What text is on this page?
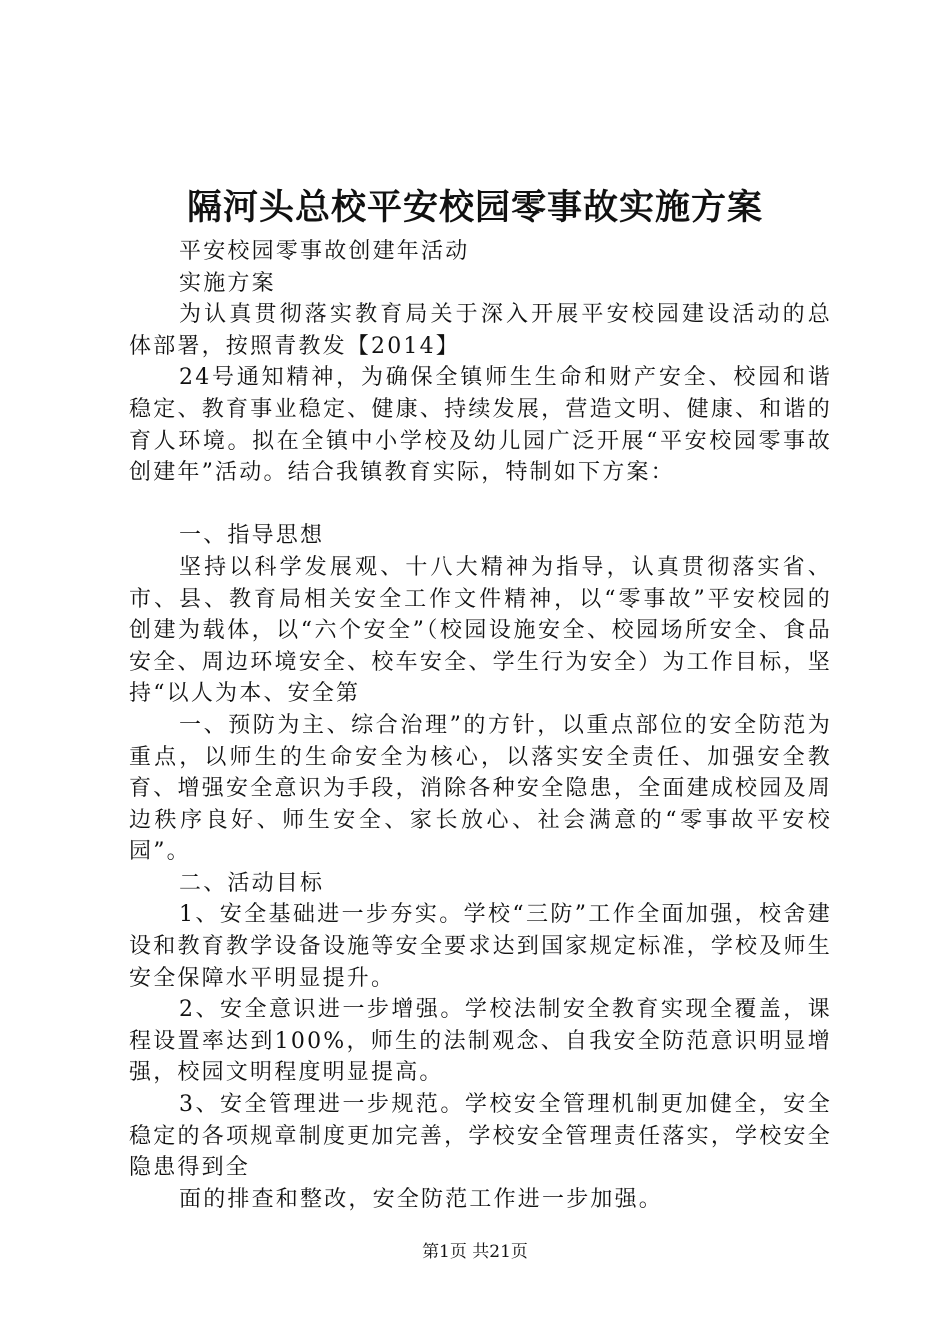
隔河头总校平安校园零事故实施方案

平安校园零事故创建年活动

实施方案

为认真贯彻落实教育局关于深入开展平安校园建设活动的总体部署，按照青教发【2014】

24号通知精神，为确保全镇师生生命和财产安全、校园和谐稳定、教育事业稳定、健康、持续发展，营造文明、健康、和谐的育人环境。拟在全镇中小学校及幼儿园广泛开展“平安校园零事故创建年”活动。结合我镇教育实际，特制如下方案：

一、指导思想

坚持以科学发展观、十八大精神为指导，认真贯彻落实省、市、县、教育局相关安全工作文件精神，以“零事故”平安校园的创建为载体，以“六个安全”（校园设施安全、校园场所安全、食品安全、周边环境安全、校车安全、学生行为安全）为工作目标，坚持“以人为本、安全第

一、预防为主、综合治理”的方针，以重点部位的安全防范为重点，以师生的生命安全为核心，以落实安全责任、加强安全教育、增强安全意识为手段，消除各种安全隐患，全面建成校园及周边秩序良好、师生安全、家长放心、社会满意的“零事故平安校园”。

二、活动目标

1、安全基础进一步夯实。学校“三防”工作全面加强，校舍建设和教育教学设备设施等安全要求达到国家规定标准，学校及师生安全保障水平明显提升。

2、安全意识进一步增强。学校法制安全教育实现全覆盖，课程设置率达到100%，师生的法制观念、自我安全防范意识明显增强，校园文明程度明显提高。

3、安全管理进一步规范。学校安全管理机制更加健全，安全稳定的各项规章制度更加完善，学校安全管理责任落实，学校安全隐患得到全

面的排查和整改，安全防范工作进一步加强。

第1页 共21页
